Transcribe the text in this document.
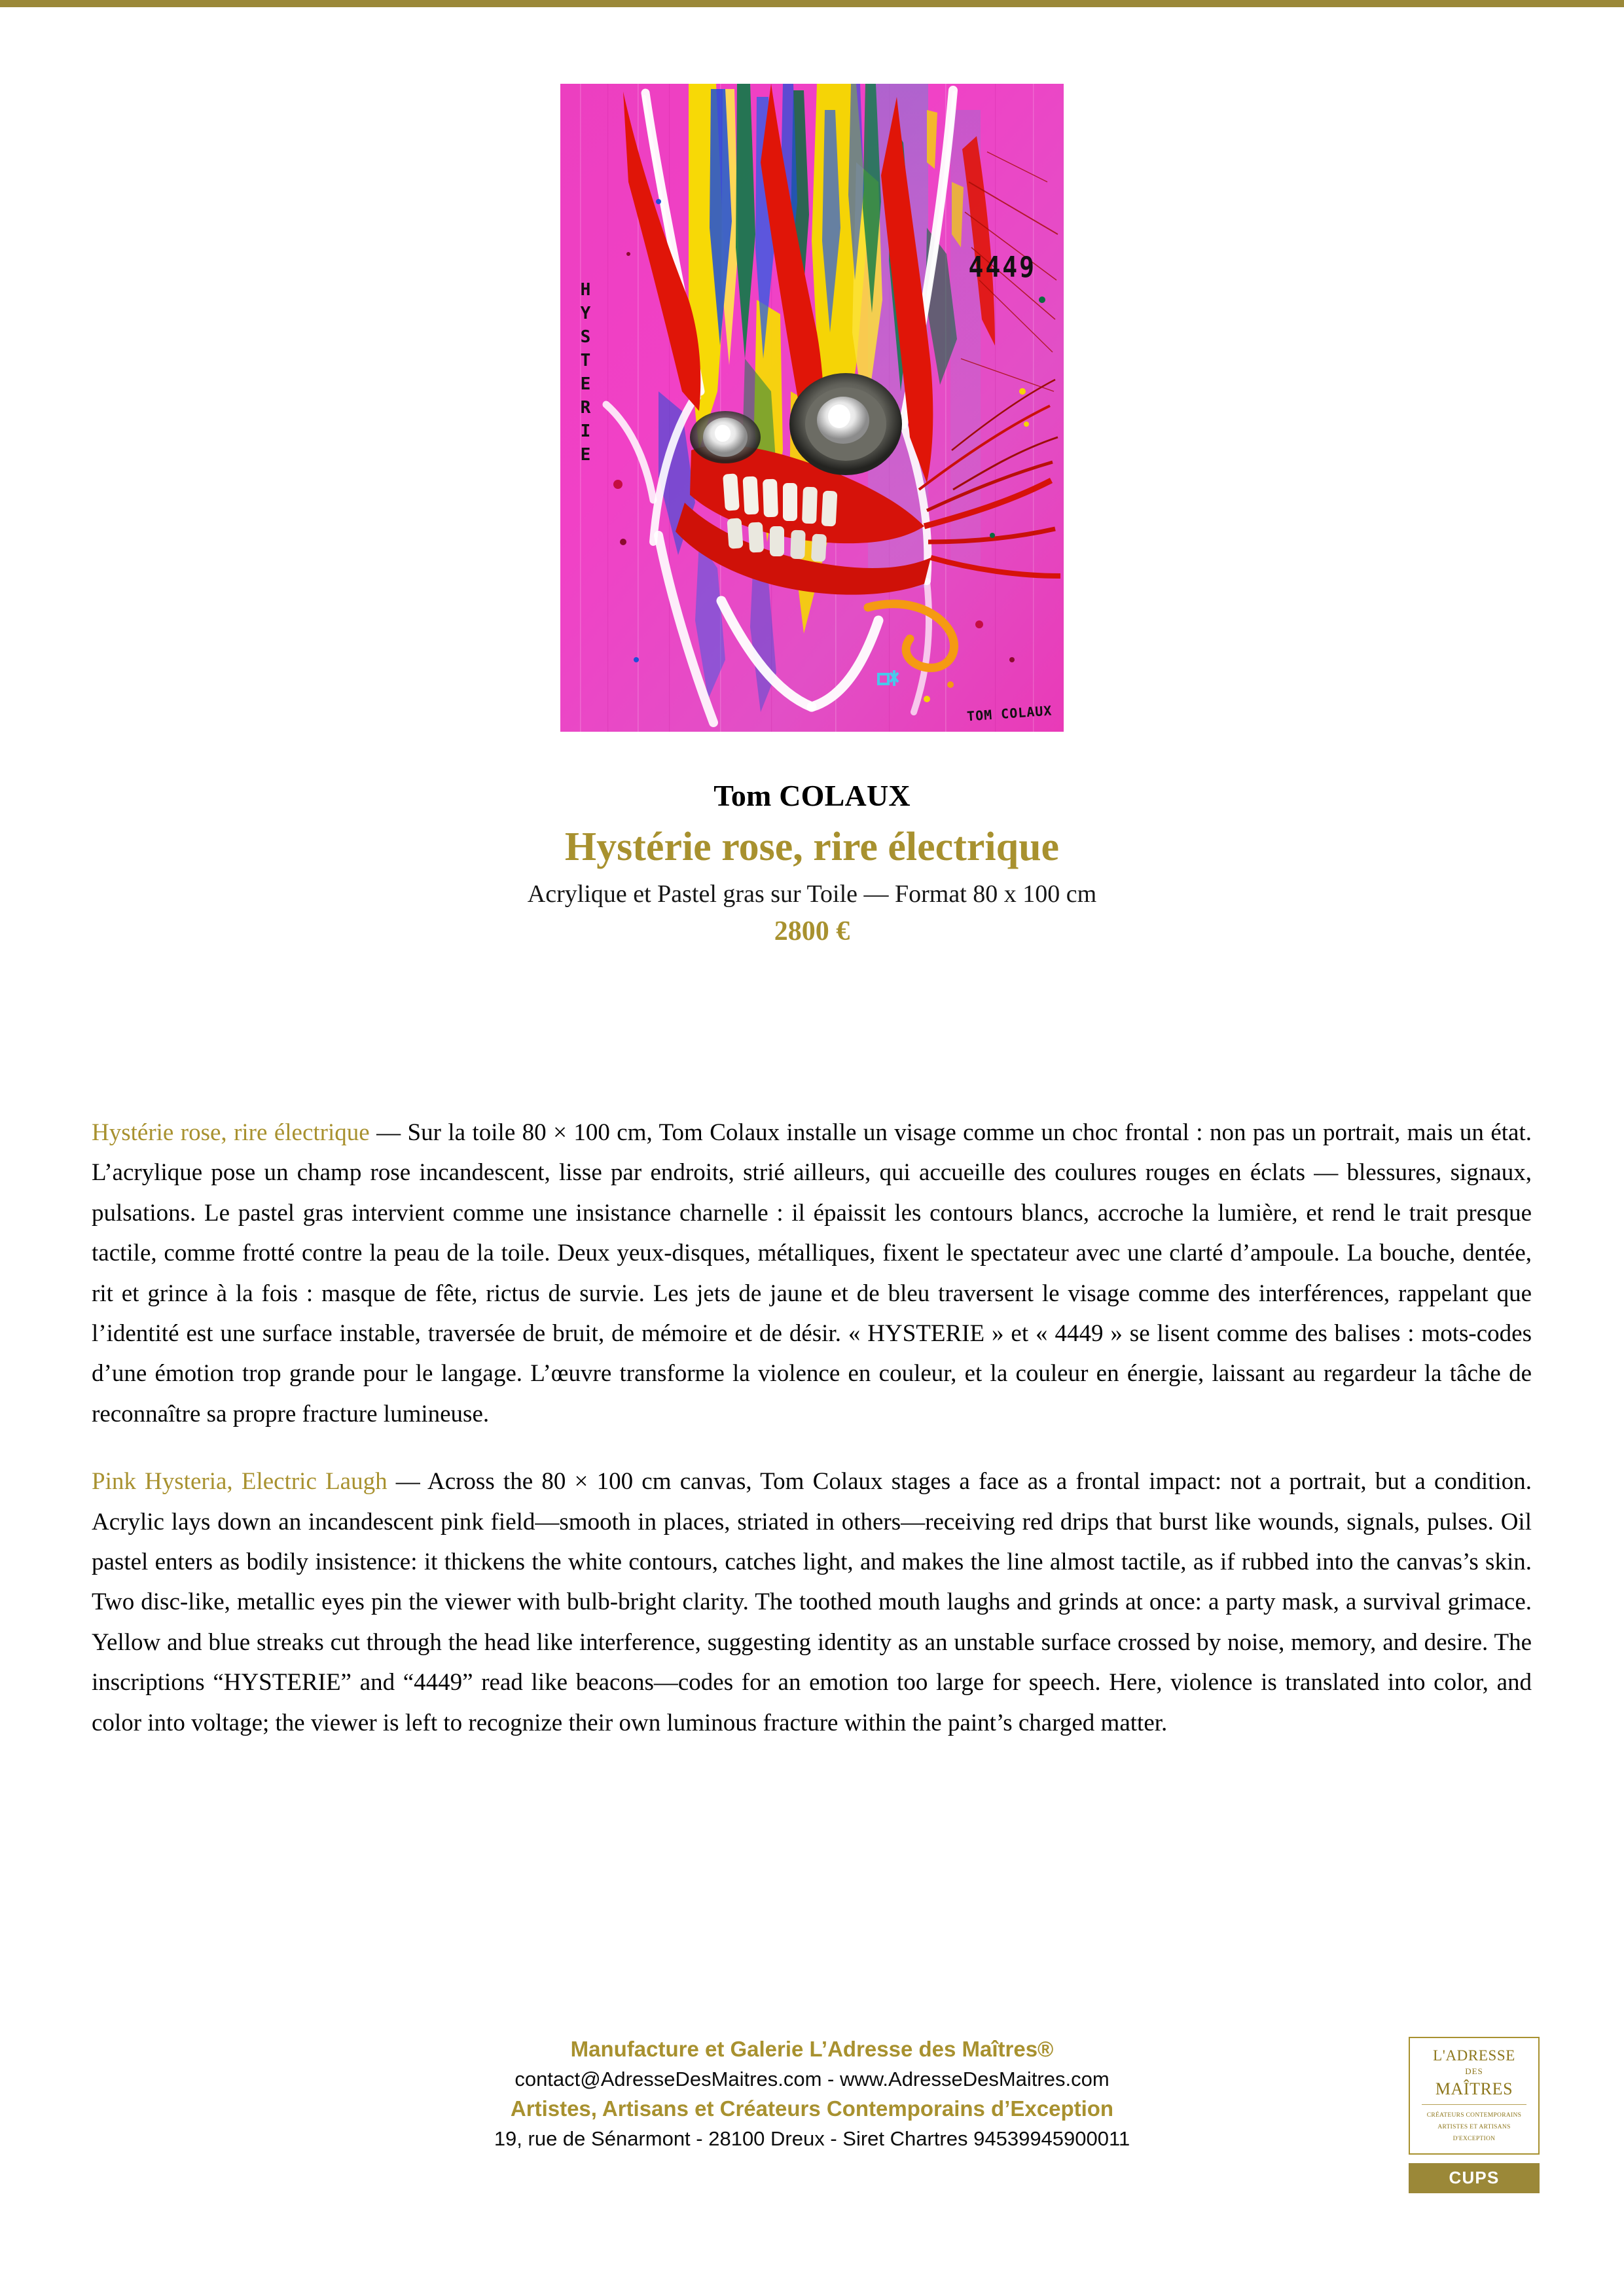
HYSTERIE
4449
TOM COLAUX

Tom COLAUX

Hystérie rose, rire électrique

Acrylique et Pastel gras sur Toile — Format 80 x 100 cm

2800 €

Hystérie rose, rire électrique — Sur la toile 80 × 100 cm, Tom Colaux installe un visage comme un choc frontal : non pas un portrait, mais un état. L’acrylique pose un champ rose incandescent, lisse par endroits, strié ailleurs, qui accueille des coulures rouges en éclats — blessures, signaux, pulsations. Le pastel gras intervient comme une insistance charnelle : il épaissit les contours blancs, accroche la lumière, et rend le trait presque tactile, comme frotté contre la peau de la toile. Deux yeux-disques, métalliques, fixent le spectateur avec une clarté d’ampoule. La bouche, dentée, rit et grince à la fois : masque de fête, rictus de survie. Les jets de jaune et de bleu traversent le visage comme des interférences, rappelant que l’identité est une surface instable, traversée de bruit, de mémoire et de désir. « HYSTERIE » et « 4449 » se lisent comme des balises : mots-codes d’une émotion trop grande pour le langage. L’œuvre transforme la violence en couleur, et la couleur en énergie, laissant au regardeur la tâche de reconnaître sa propre fracture lumineuse.

Pink Hysteria, Electric Laugh — Across the 80 × 100 cm canvas, Tom Colaux stages a face as a frontal impact: not a portrait, but a condition. Acrylic lays down an incandescent pink field—smooth in places, striated in others—receiving red drips that burst like wounds, signals, pulses. Oil pastel enters as bodily insistence: it thickens the white contours, catches light, and makes the line almost tactile, as if rubbed into the canvas’s skin. Two disc-like, metallic eyes pin the viewer with bulb-bright clarity. The toothed mouth laughs and grinds at once: a party mask, a survival grimace. Yellow and blue streaks cut through the head like interference, suggesting identity as an unstable surface crossed by noise, memory, and desire. The inscriptions “HYSTERIE” and “4449” read like beacons—codes for an emotion too large for speech. Here, violence is translated into color, and color into voltage; the viewer is left to recognize their own luminous fracture within the paint’s charged matter.

Manufacture et Galerie L’Adresse des Maîtres®

contact@AdresseDesMaitres.com - www.AdresseDesMaitres.com

Artistes, Artisans et Créateurs Contemporains d’Exception

19, rue de Sénarmont - 28100 Dreux - Siret Chartres 94539945900011

L'ADRESSE
DES
MAÎTRES
CRÉATEURS CONTEMPORAINS
ARTISTES ET ARTISANS
D'EXCEPTION
CUPS
